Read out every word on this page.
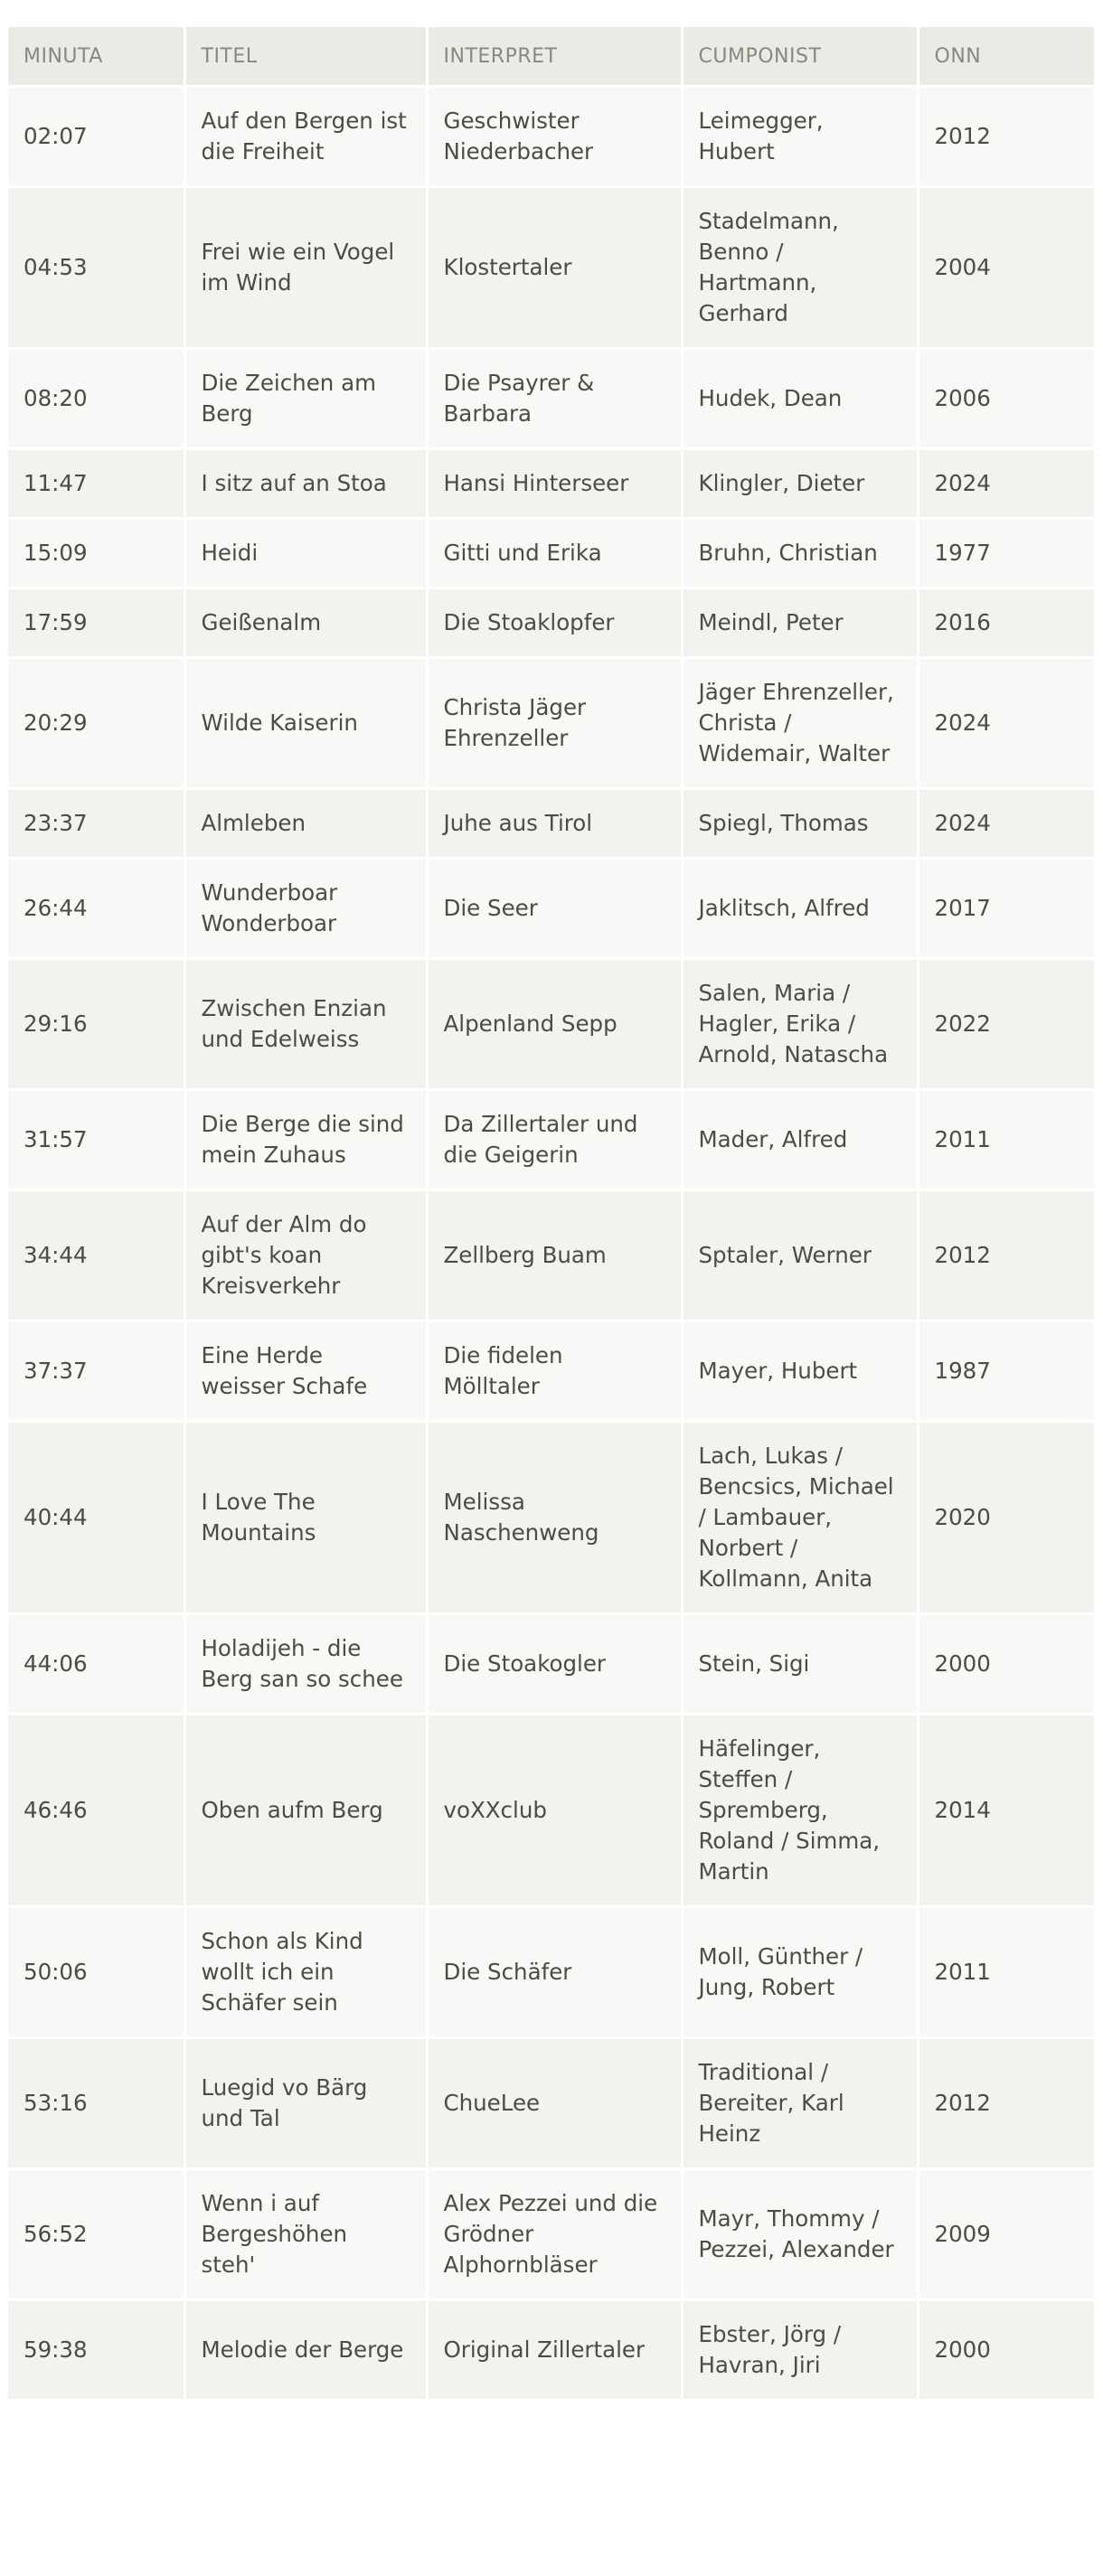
MINUTA	TITEL	INTERPRET	CUMPONIST	ONN
02:07	Auf den Bergen ist die Freiheit	Geschwister Niederbacher	Leimegger, Hubert	2012
04:53	Frei wie ein Vogel im Wind	Klostertaler	Stadelmann, Benno / Hartmann, Gerhard	2004
08:20	Die Zeichen am Berg	Die Psayrer & Barbara	Hudek, Dean	2006
11:47	I sitz auf an Stoa	Hansi Hinterseer	Klingler, Dieter	2024
15:09	Heidi	Gitti und Erika	Bruhn, Christian	1977
17:59	Geißenalm	Die Stoaklopfer	Meindl, Peter	2016
20:29	Wilde Kaiserin	Christa Jäger Ehrenzeller	Jäger Ehrenzeller, Christa / Widemair, Walter	2024
23:37	Almleben	Juhe aus Tirol	Spiegl, Thomas	2024
26:44	Wunderboar Wonderboar	Die Seer	Jaklitsch, Alfred	2017
29:16	Zwischen Enzian und Edelweiss	Alpenland Sepp	Salen, Maria / Hagler, Erika / Arnold, Natascha	2022
31:57	Die Berge die sind mein Zuhaus	Da Zillertaler und die Geigerin	Mader, Alfred	2011
34:44	Auf der Alm do gibt's koan Kreisverkehr	Zellberg Buam	Sptaler, Werner	2012
37:37	Eine Herde weisser Schafe	Die fidelen Mölltaler	Mayer, Hubert	1987
40:44	I Love The Mountains	Melissa Naschenweng	Lach, Lukas / Bencsics, Michael / Lambauer, Norbert / Kollmann, Anita	2020
44:06	Holadijeh - die Berg san so schee	Die Stoakogler	Stein, Sigi	2000
46:46	Oben aufm Berg	voXXclub	Häfelinger, Steffen / Spremberg, Roland / Simma, Martin	2014
50:06	Schon als Kind wollt ich ein Schäfer sein	Die Schäfer	Moll, Günther / Jung, Robert	2011
53:16	Luegid vo Bärg und Tal	ChueLee	Traditional / Bereiter, Karl Heinz	2012
56:52	Wenn i auf Bergeshöhen steh'	Alex Pezzei und die Grödner Alphornbläser	Mayr, Thommy / Pezzei, Alexander	2009
59:38	Melodie der Berge	Original Zillertaler	Ebster, Jörg / Havran, Jiri	2000
